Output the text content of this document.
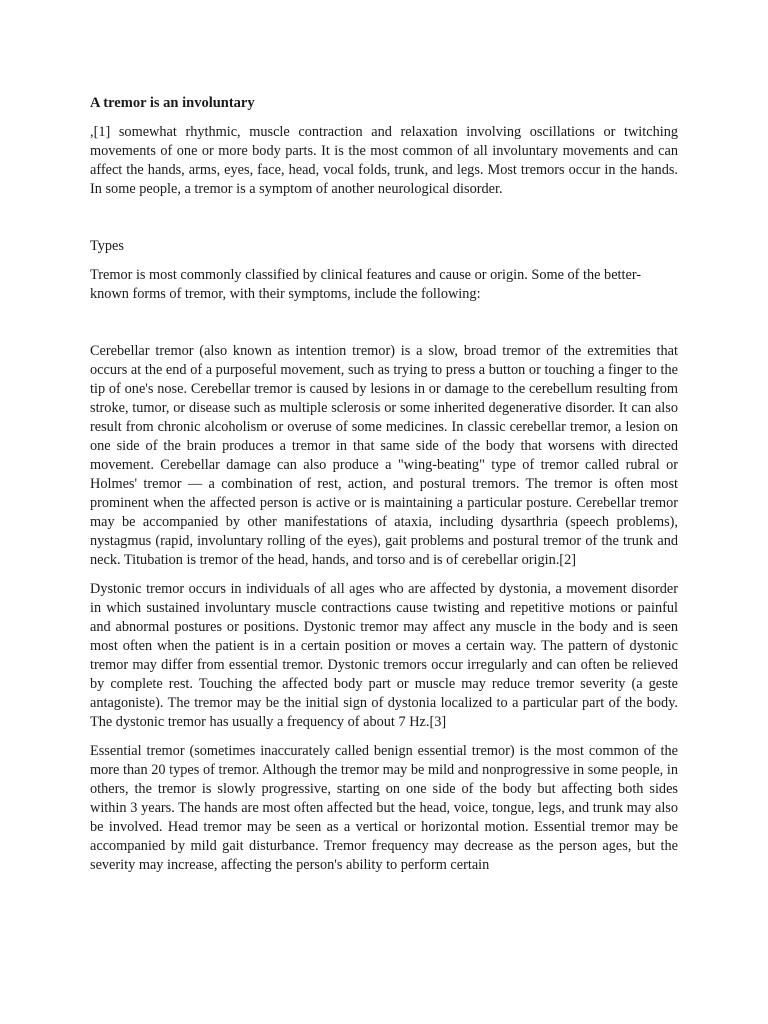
A tremor is an involuntary

,[1] somewhat rhythmic, muscle contraction and relaxation involving oscillations or twitching movements of one or more body parts. It is the most common of all involuntary movements and can affect the hands, arms, eyes, face, head, vocal folds, trunk, and legs. Most tremors occur in the hands. In some people, a tremor is a symptom of another neurological disorder.

Types

Tremor is most commonly classified by clinical features and cause or origin. Some of the better-known forms of tremor, with their symptoms, include the following:

Cerebellar tremor (also known as intention tremor) is a slow, broad tremor of the extremities that occurs at the end of a purposeful movement, such as trying to press a button or touching a finger to the tip of one's nose. Cerebellar tremor is caused by lesions in or damage to the cerebellum resulting from stroke, tumor, or disease such as multiple sclerosis or some inherited degenerative disorder. It can also result from chronic alcoholism or overuse of some medicines. In classic cerebellar tremor, a lesion on one side of the brain produces a tremor in that same side of the body that worsens with directed movement. Cerebellar damage can also produce a "wing-beating" type of tremor called rubral or Holmes' tremor — a combination of rest, action, and postural tremors. The tremor is often most prominent when the affected person is active or is maintaining a particular posture. Cerebellar tremor may be accompanied by other manifestations of ataxia, including dysarthria (speech problems), nystagmus (rapid, involuntary rolling of the eyes), gait problems and postural tremor of the trunk and neck. Titubation is tremor of the head, hands, and torso and is of cerebellar origin.[2]

Dystonic tremor occurs in individuals of all ages who are affected by dystonia, a movement disorder in which sustained involuntary muscle contractions cause twisting and repetitive motions or painful and abnormal postures or positions. Dystonic tremor may affect any muscle in the body and is seen most often when the patient is in a certain position or moves a certain way. The pattern of dystonic tremor may differ from essential tremor. Dystonic tremors occur irregularly and can often be relieved by complete rest. Touching the affected body part or muscle may reduce tremor severity (a geste antagoniste). The tremor may be the initial sign of dystonia localized to a particular part of the body. The dystonic tremor has usually a frequency of about 7 Hz.[3]

Essential tremor (sometimes inaccurately called benign essential tremor) is the most common of the more than 20 types of tremor. Although the tremor may be mild and nonprogressive in some people, in others, the tremor is slowly progressive, starting on one side of the body but affecting both sides within 3 years. The hands are most often affected but the head, voice, tongue, legs, and trunk may also be involved. Head tremor may be seen as a vertical or horizontal motion. Essential tremor may be accompanied by mild gait disturbance. Tremor frequency may decrease as the person ages, but the severity may increase, affecting the person's ability to perform certain
